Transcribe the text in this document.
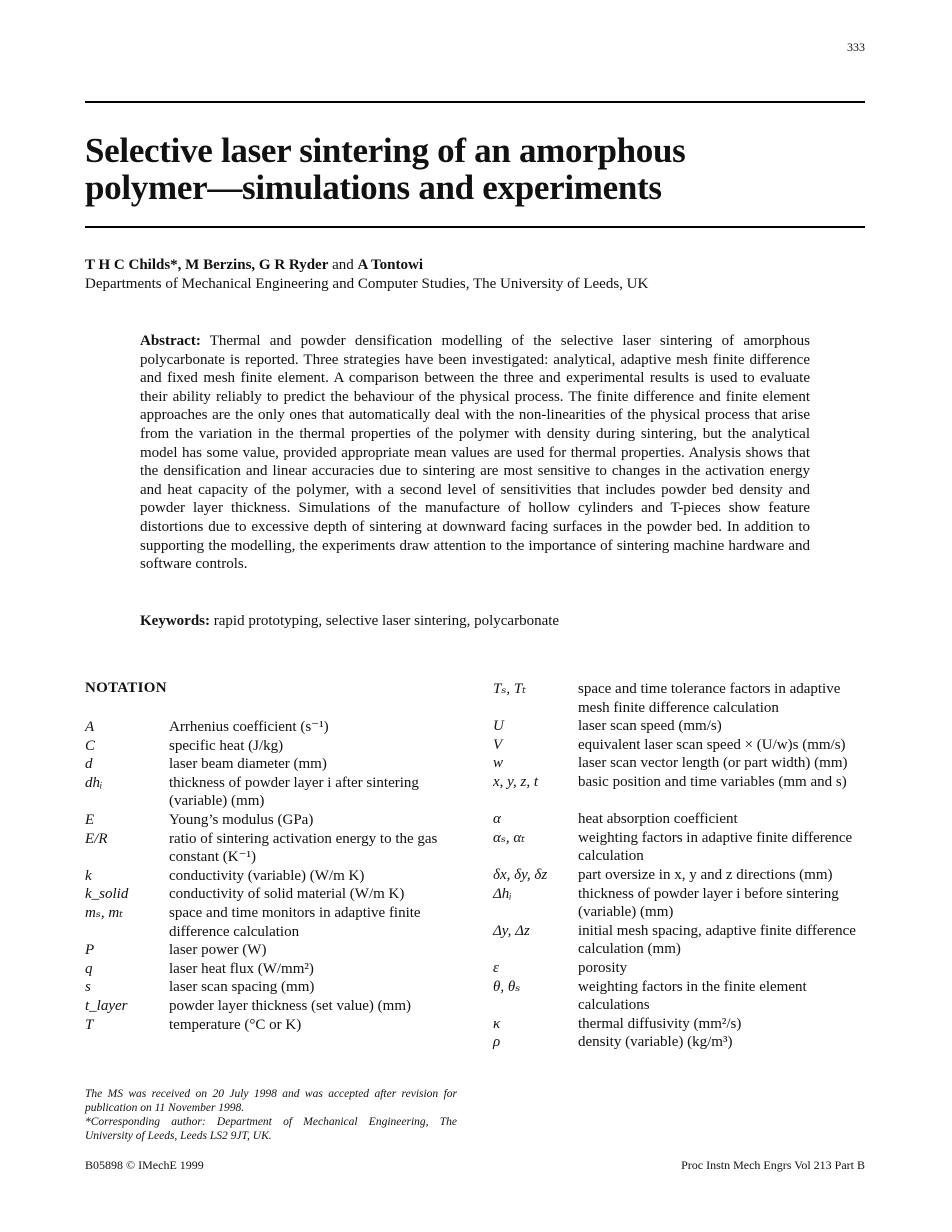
333
Selective laser sintering of an amorphous
polymer—simulations and experiments
T H C Childs*, M Berzins, G R Ryder and A Tontowi
Departments of Mechanical Engineering and Computer Studies, The University of Leeds, UK
Abstract: Thermal and powder densification modelling of the selective laser sintering of amorphous polycarbonate is reported. Three strategies have been investigated: analytical, adaptive mesh finite difference and fixed mesh finite element. A comparison between the three and experimental results is used to evaluate their ability reliably to predict the behaviour of the physical process. The finite difference and finite element approaches are the only ones that automatically deal with the non-linearities of the physical process that arise from the variation in the thermal properties of the polymer with density during sintering, but the analytical model has some value, provided appropriate mean values are used for thermal properties. Analysis shows that the densification and linear accuracies due to sintering are most sensitive to changes in the activation energy and heat capacity of the polymer, with a second level of sensitivities that includes powder bed density and powder layer thickness. Simulations of the manufacture of hollow cylinders and T-pieces show feature distortions due to excessive depth of sintering at downward facing surfaces in the powder bed. In addition to supporting the modelling, the experiments draw attention to the importance of sintering machine hardware and software controls.
Keywords: rapid prototyping, selective laser sintering, polycarbonate
NOTATION
A	Arrhenius coefficient (s⁻¹)
C	specific heat (J/kg)
d	laser beam diameter (mm)
dhᵢ	thickness of powder layer i after sintering (variable) (mm)
E	Young’s modulus (GPa)
E/R	ratio of sintering activation energy to the gas constant (K⁻¹)
k	conductivity (variable) (W/m K)
k_solid	conductivity of solid material (W/m K)
mₛ, mₜ	space and time monitors in adaptive finite difference calculation
P	laser power (W)
q	laser heat flux (W/mm²)
s	laser scan spacing (mm)
t_layer	powder layer thickness (set value) (mm)
T	temperature (°C or K)
Tₛ, Tₜ	space and time tolerance factors in adaptive mesh finite difference calculation
U	laser scan speed (mm/s)
V	equivalent laser scan speed × (U/w)s (mm/s)
w	laser scan vector length (or part width) (mm)
x, y, z, t	basic position and time variables (mm and s)
α	heat absorption coefficient
αₛ, αₜ	weighting factors in adaptive finite difference calculation
δx, δy, δz	part oversize in x, y and z directions (mm)
Δhᵢ	thickness of powder layer i before sintering (variable) (mm)
Δy, Δz	initial mesh spacing, adaptive finite difference calculation (mm)
ε	porosity
θ, θₛ	weighting factors in the finite element calculations
κ	thermal diffusivity (mm²/s)
ρ	density (variable) (kg/m³)
The MS was received on 20 July 1998 and was accepted after revision for publication on 11 November 1998.
*Corresponding author: Department of Mechanical Engineering, The University of Leeds, Leeds LS2 9JT, UK.
B05898 © IMechE 1999	Proc Instn Mech Engrs Vol 213 Part B
